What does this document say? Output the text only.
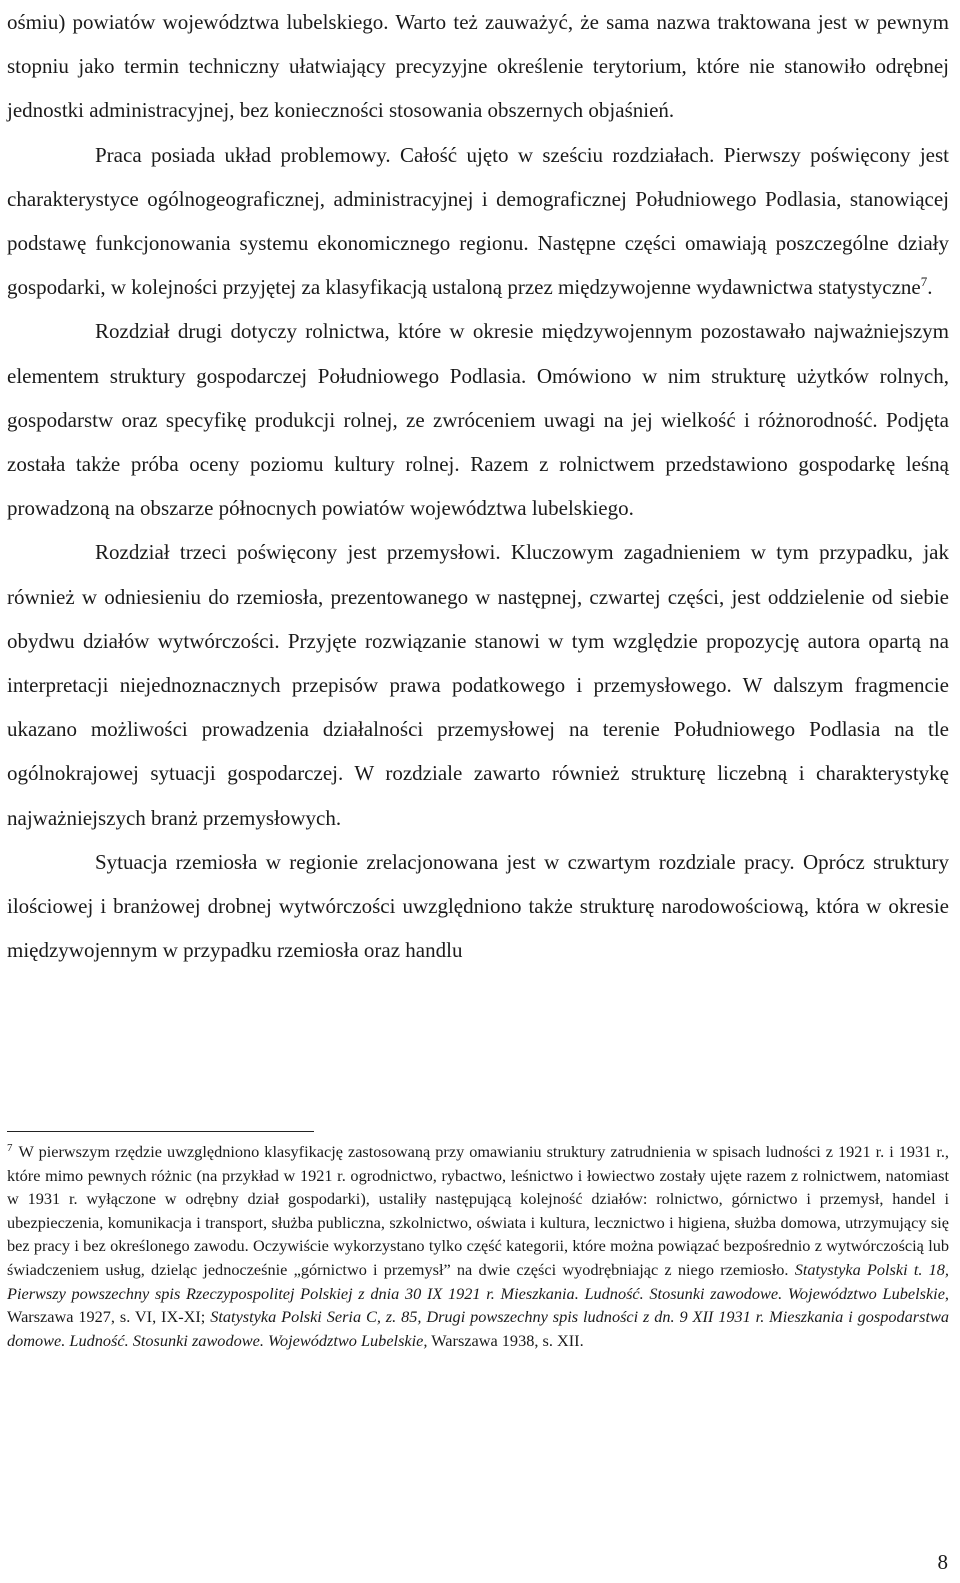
ośmiu) powiatów województwa lubelskiego. Warto też zauważyć, że sama nazwa traktowana jest w pewnym stopniu jako termin techniczny ułatwiający precyzyjne określenie terytorium, które nie stanowiło odrębnej jednostki administracyjnej, bez konieczności stosowania obszernych objaśnień.

Praca posiada układ problemowy. Całość ujęto w sześciu rozdziałach. Pierwszy poświęcony jest charakterystyce ogólnogeograficznej, administracyjnej i demograficznej Południowego Podlasia, stanowiącej podstawę funkcjonowania systemu ekonomicznego regionu. Następne części omawiają poszczególne działy gospodarki, w kolejności przyjętej za klasyfikacją ustaloną przez międzywojenne wydawnictwa statystyczne$^7$.

Rozdział drugi dotyczy rolnictwa, które w okresie międzywojennym pozostawało najważniejszym elementem struktury gospodarczej Południowego Podlasia. Omówiono w nim strukturę użytków rolnych, gospodarstw oraz specyfikę produkcji rolnej, ze zwróceniem uwagi na jej wielkość i różnorodność. Podjęta została także próba oceny poziomu kultury rolnej. Razem z rolnictwem przedstawiono gospodarkę leśną prowadzoną na obszarze północnych powiatów województwa lubelskiego.

Rozdział trzeci poświęcony jest przemysłowi. Kluczowym zagadnieniem w tym przypadku, jak również w odniesieniu do rzemiosła, prezentowanego w następnej, czwartej części, jest oddzielenie od siebie obydwu działów wytwórczości. Przyjęte rozwiązanie stanowi w tym względzie propozycję autora opartą na interpretacji niejednoznacznych przepisów prawa podatkowego i przemysłowego. W dalszym fragmencie ukazano możliwości prowadzenia działalności przemysłowej na terenie Południowego Podlasia na tle ogólnokrajowej sytuacji gospodarczej. W rozdziale zawarto również strukturę liczebną i charakterystykę najważniejszych branż przemysłowych.

Sytuacja rzemiosła w regionie zrelacjonowana jest w czwartym rozdziale pracy. Oprócz struktury ilościowej i branżowej drobnej wytwórczości uwzględniono także strukturę narodowościową, która w okresie międzywojennym w przypadku rzemiosła oraz handlu

$^7$ W pierwszym rzędzie uwzględniono klasyfikację zastosowaną przy omawianiu struktury zatrudnienia w spisach ludności z 1921 r. i 1931 r., które mimo pewnych różnic (na przykład w 1921 r. ogrodnictwo, rybactwo, leśnictwo i łowiectwo zostały ujęte razem z rolnictwem, natomiast w 1931 r. wyłączone w odrębny dział gospodarki), ustaliły następującą kolejność działów: rolnictwo, górnictwo i przemysł, handel i ubezpieczenia, komunikacja i transport, służba publiczna, szkolnictwo, oświata i kultura, lecznictwo i higiena, służba domowa, utrzymujący się bez pracy i bez określonego zawodu. Oczywiście wykorzystano tylko część kategorii, które można powiązać bezpośrednio z wytwórczością lub świadczeniem usług, dzieląc jednocześnie „górnictwo i przemysł” na dwie części wyodrębniając z niego rzemiosło. Statystyka Polski t. 18, Pierwszy powszechny spis Rzeczypospolitej Polskiej z dnia 30 IX 1921 r. Mieszkania. Ludność. Stosunki zawodowe. Województwo Lubelskie, Warszawa 1927, s. VI, IX-XI; Statystyka Polski Seria C, z. 85, Drugi powszechny spis ludności z dn. 9 XII 1931 r. Mieszkania i gospodarstwa domowe. Ludność. Stosunki zawodowe. Województwo Lubelskie, Warszawa 1938, s. XII.
8
